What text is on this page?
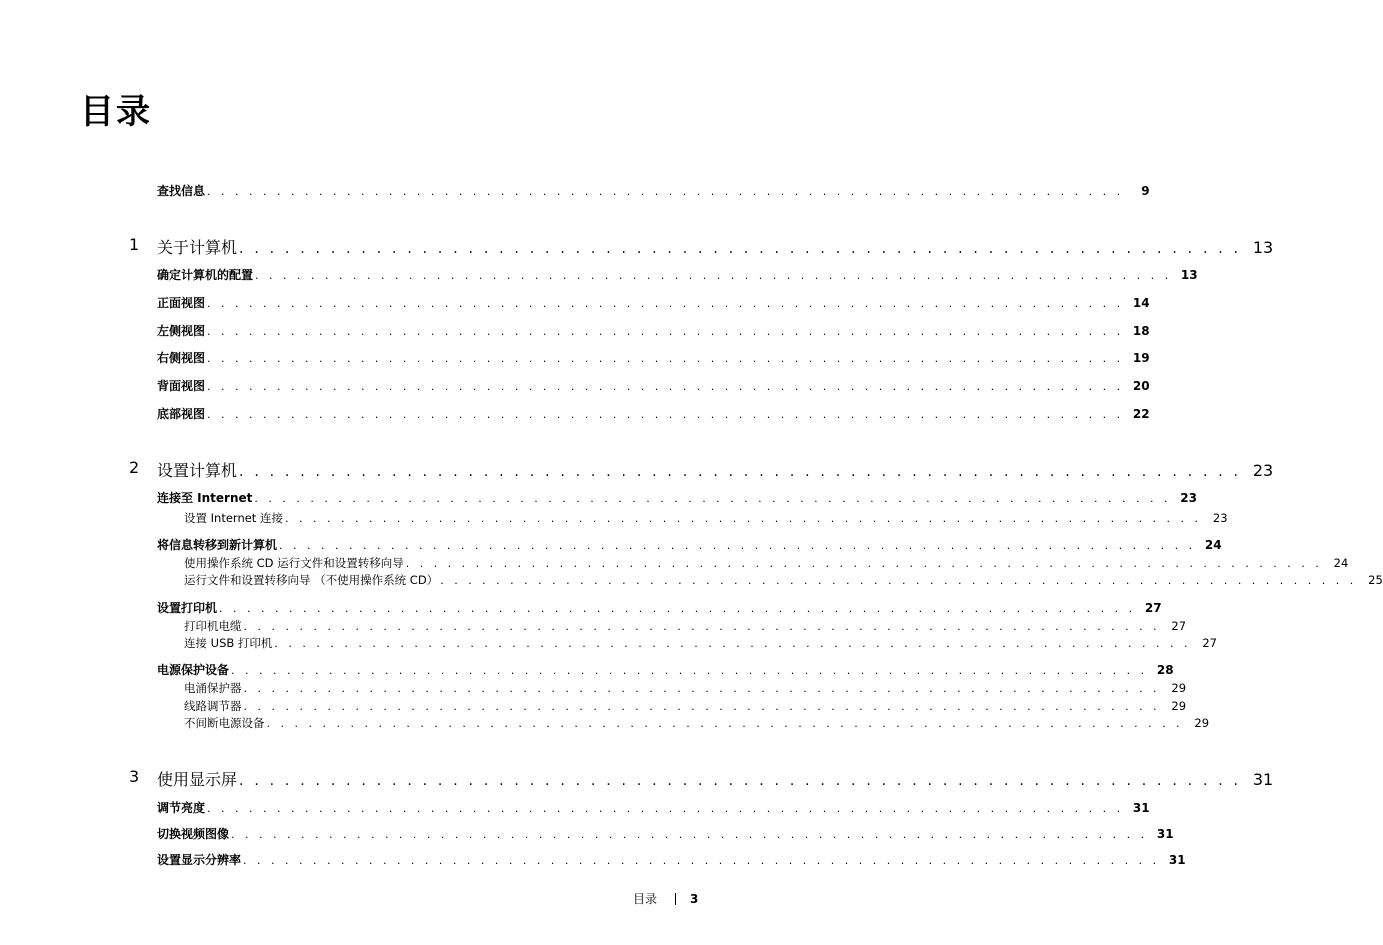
目录
查找信息 . . . . . . . . . . . . . . . . . . . . . . . . . . . . . . . . . . . . . . . . . . . . . . . . . . . . . . . . . . . . . . . . . .	9
1 关于计算机 . . . . . . . . . . . . . . . . . . . . . . . . . . . . . . . . . . . . . . . . . . . . . . . . . . . . . . . . . . . . . . . . . . 13
确定计算机的配置 . . . . . . . . . . . . . . . . . . . . . . . . . . . . . . . . . . . . . . . . . . . . . . . . . . . . . . . . . . . . . . . . . . 13
正面视图 . . . . . . . . . . . . . . . . . . . . . . . . . . . . . . . . . . . . . . . . . . . . . . . . . . . . . . . . . . . . . . . . . . 14
左侧视图 . . . . . . . . . . . . . . . . . . . . . . . . . . . . . . . . . . . . . . . . . . . . . . . . . . . . . . . . . . . . . . . . . . 18
右侧视图 . . . . . . . . . . . . . . . . . . . . . . . . . . . . . . . . . . . . . . . . . . . . . . . . . . . . . . . . . . . . . . . . . . 19
背面视图 . . . . . . . . . . . . . . . . . . . . . . . . . . . . . . . . . . . . . . . . . . . . . . . . . . . . . . . . . . . . . . . . . . 20
底部视图 . . . . . . . . . . . . . . . . . . . . . . . . . . . . . . . . . . . . . . . . . . . . . . . . . . . . . . . . . . . . . . . . . . 22
2 设置计算机 . . . . . . . . . . . . . . . . . . . . . . . . . . . . . . . . . . . . . . . . . . . . . . . . . . . . . . . . . . . . . . . . . . 23
连接至 Internet . . . . . . . . . . . . . . . . . . . . . . . . . . . . . . . . . . . . . . . . . . . . . . . . . . . . . . . . . . . . . . . . . . 23
设置 Internet 连接 . . . . . . . . . . . . . . . . . . . . . . . . . . . . . . . . . . . . . . . . . . . . . . . . . . . . . . . . . . . . . . . . . . 23
将信息转移到新计算机 . . . . . . . . . . . . . . . . . . . . . . . . . . . . . . . . . . . . . . . . . . . . . . . . . . . . . . . . . . . . . . . . . . 24
使用操作系统 CD 运行文件和设置转移向导 . . . . . . . . . . . . . . . . . . . . . . . . . . . . . . . . . . . . . . . . . . . . . . . . . . . . . . . . . . . . . . . . . . 24
运行文件和设置转移向导 （不使用操作系统 CD） . . . . . . . . . . . . . . . . . . . . . . . . . . . . . . . . . . . . . . . . . . . . . . . . . . . . . . . . . . . . . . . . . . 25
设置打印机 . . . . . . . . . . . . . . . . . . . . . . . . . . . . . . . . . . . . . . . . . . . . . . . . . . . . . . . . . . . . . . . . . . 27
打印机电缆 . . . . . . . . . . . . . . . . . . . . . . . . . . . . . . . . . . . . . . . . . . . . . . . . . . . . . . . . . . . . . . . . . . 27
连接 USB 打印机 . . . . . . . . . . . . . . . . . . . . . . . . . . . . . . . . . . . . . . . . . . . . . . . . . . . . . . . . . . . . . . . . . . 27
电源保护设备 . . . . . . . . . . . . . . . . . . . . . . . . . . . . . . . . . . . . . . . . . . . . . . . . . . . . . . . . . . . . . . . . . . 28
电涌保护器 . . . . . . . . . . . . . . . . . . . . . . . . . . . . . . . . . . . . . . . . . . . . . . . . . . . . . . . . . . . . . . . . . . 29
线路调节器 . . . . . . . . . . . . . . . . . . . . . . . . . . . . . . . . . . . . . . . . . . . . . . . . . . . . . . . . . . . . . . . . . . 29
不间断电源设备 . . . . . . . . . . . . . . . . . . . . . . . . . . . . . . . . . . . . . . . . . . . . . . . . . . . . . . . . . . . . . . . . . . 29
3 使用显示屏 . . . . . . . . . . . . . . . . . . . . . . . . . . . . . . . . . . . . . . . . . . . . . . . . . . . . . . . . . . . . . . . . . . 31
调节亮度 . . . . . . . . . . . . . . . . . . . . . . . . . . . . . . . . . . . . . . . . . . . . . . . . . . . . . . . . . . . . . . . . . . 31
切换视频图像 . . . . . . . . . . . . . . . . . . . . . . . . . . . . . . . . . . . . . . . . . . . . . . . . . . . . . . . . . . . . . . . . . . 31
设置显示分辨率 . . . . . . . . . . . . . . . . . . . . . . . . . . . . . . . . . . . . . . . . . . . . . . . . . . . . . . . . . . . . . . . . . . 31
目录	3
